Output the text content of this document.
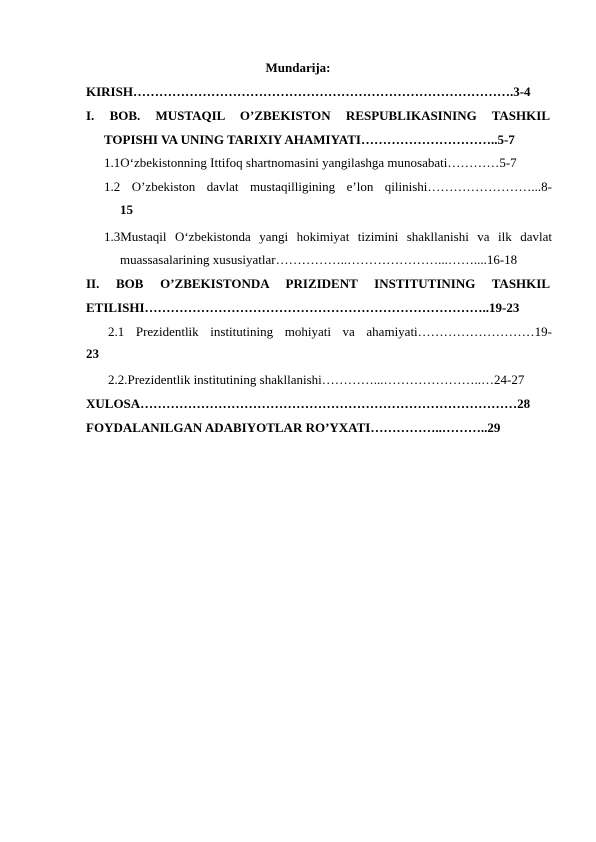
Mundarija:
KIRISH…………………………………………………………………………….3-4
I. BOB. MUSTAQIL O’ZBEKISTON RESPUBLIKASINING TASHKIL
TOPISHI VA UNING TARIXIY AHAMIYATI…………………………..5-7
1.1O‘zbekistonning Ittifoq shartnomasini yangilashga munosabati…………5-7
1.2 O’zbekiston davlat mustaqilligining e’lon qilinishi……………………...8-
15
1.3Mustaqil O‘zbekistonda yangi hokimiyat tizimini shakllanishi va ilk davlat
muassasalarining xususiyatlar……………..…………………...……....16-18
II. BOB O’ZBEKISTONDA PRIZIDENT INSTITUTINING TASHKIL
ETILISHI……………………………………………………………………..19-23
2.1 Prezidentlik institutining mohiyati va ahamiyati………………………19-
23
2.2.Prezidentlik institutining shakllanishi…………...…………………..…24-27
XULOSA……………………………………………………………………………28
FOYDALANILGAN ADABIYOTLAR RO’YXATI……………..………..29
